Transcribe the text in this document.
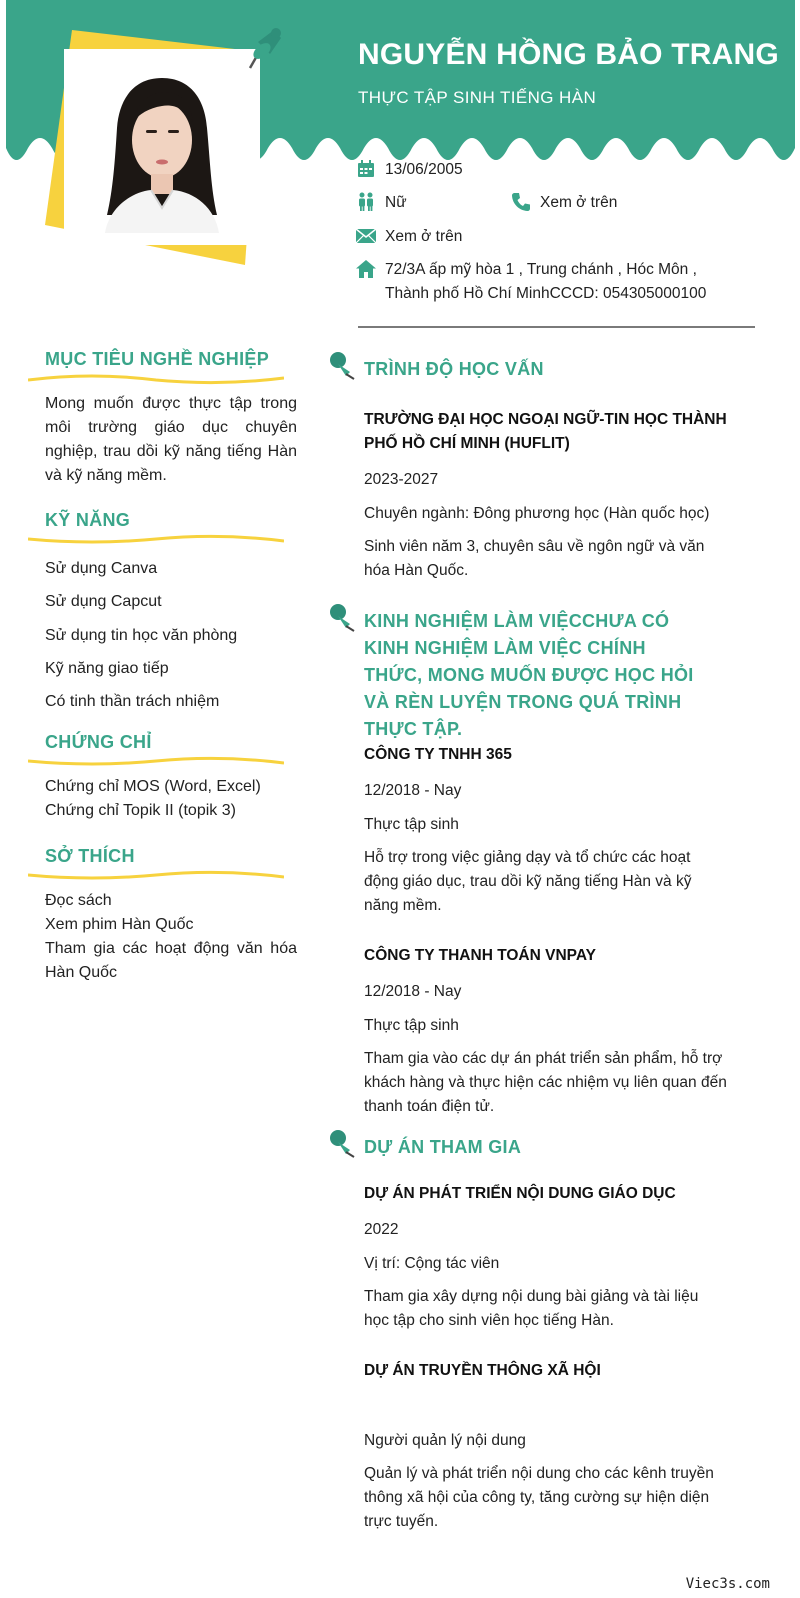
NGUYỄN HỒNG BẢO TRANG
THỰC TẬP SINH TIẾNG HÀN
13/06/2005
Nữ	Xem ở trên
Xem ở trên
72/3A ấp mỹ hòa 1 , Trung chánh , Hóc Môn , Thành phố Hồ Chí MinhCCCD: 054305000100
MỤC TIÊU NGHỀ NGHIỆP
Mong muốn được thực tập trong môi trường giáo dục chuyên nghiệp, trau dồi kỹ năng tiếng Hàn và kỹ năng mềm.
KỸ NĂNG
Sử dụng Canva
Sử dụng Capcut
Sử dụng tin học văn phòng
Kỹ năng giao tiếp
Có tinh thần trách nhiệm
CHỨNG CHỈ
Chứng chỉ MOS (Word, Excel)
Chứng chỉ Topik II (topik 3)
SỞ THÍCH
Đọc sách
Xem phim Hàn Quốc
Tham gia các hoạt động văn hóa Hàn Quốc
TRÌNH ĐỘ HỌC VẤN
TRƯỜNG ĐẠI HỌC NGOẠI NGỮ-TIN HỌC THÀNH PHỐ HỒ CHÍ MINH (HUFLIT)
2023-2027
Chuyên ngành: Đông phương học (Hàn quốc học)
Sinh viên năm 3, chuyên sâu về ngôn ngữ và văn hóa Hàn Quốc.
KINH NGHIỆM LÀM VIỆCCHƯA CÓ KINH NGHIỆM LÀM VIỆC CHÍNH THỨC, MONG MUỐN ĐƯỢC HỌC HỎI VÀ RÈN LUYỆN TRONG QUÁ TRÌNH THỰC TẬP.
CÔNG TY TNHH 365
12/2018 - Nay
Thực tập sinh
Hỗ trợ trong việc giảng dạy và tổ chức các hoạt động giáo dục, trau dồi kỹ năng tiếng Hàn và kỹ năng mềm.
CÔNG TY THANH TOÁN VNPAY
12/2018 - Nay
Thực tập sinh
Tham gia vào các dự án phát triển sản phẩm, hỗ trợ khách hàng và thực hiện các nhiệm vụ liên quan đến thanh toán điện tử.
DỰ ÁN THAM GIA
DỰ ÁN PHÁT TRIỂN NỘI DUNG GIÁO DỤC
2022
Vị trí: Cộng tác viên
Tham gia xây dựng nội dung bài giảng và tài liệu học tập cho sinh viên học tiếng Hàn.
DỰ ÁN TRUYỀN THÔNG XÃ HỘI
Người quản lý nội dung
Quản lý và phát triển nội dung cho các kênh truyền thông xã hội của công ty, tăng cường sự hiện diện trực tuyến.
Viec3s.com
